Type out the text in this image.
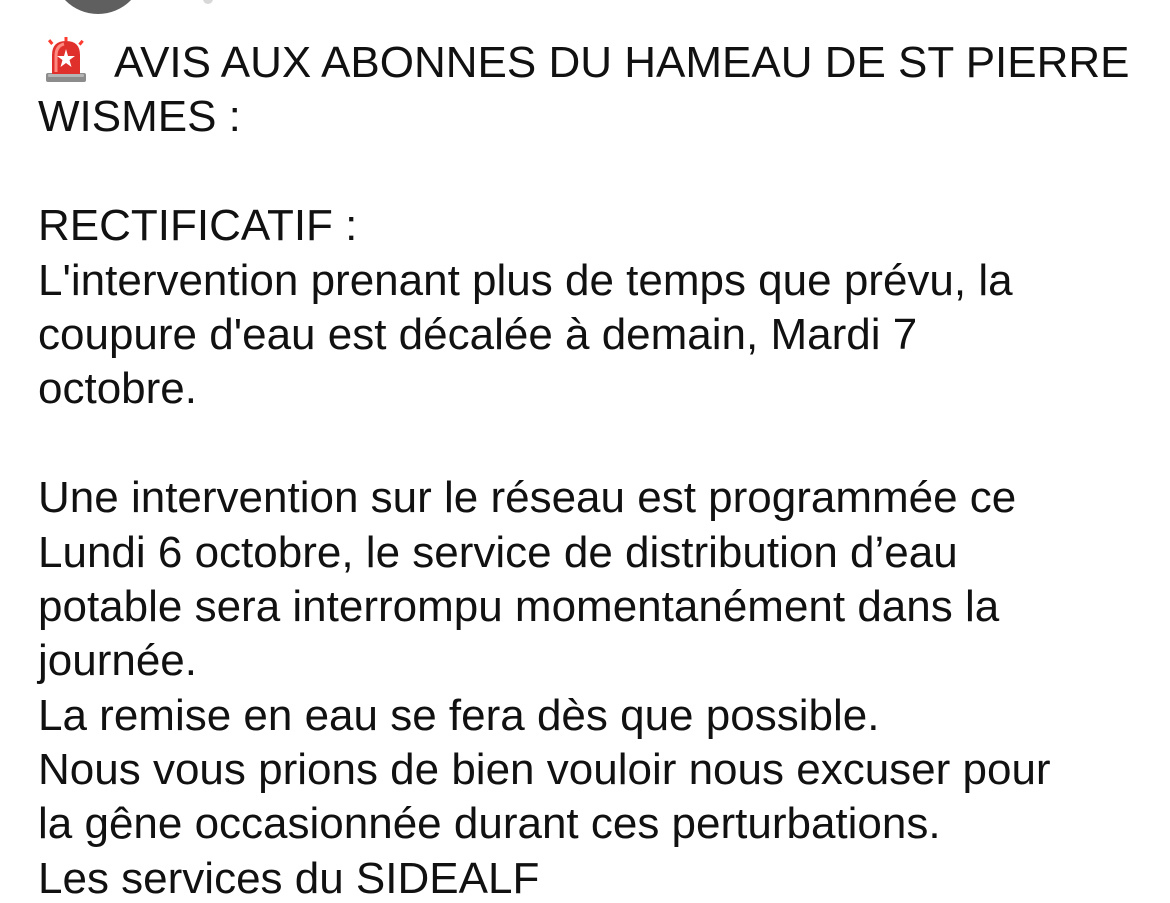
AVIS AUX ABONNES DU HAMEAU DE ST PIERRE
WISMES :
RECTIFICATIF :
L'intervention prenant plus de temps que prévu, la
coupure d'eau est décalée à demain, Mardi 7
octobre.
Une intervention sur le réseau est programmée ce
Lundi 6 octobre, le service de distribution d’eau
potable sera interrompu momentanément dans la
journée.
La remise en eau se fera dès que possible.
Nous vous prions de bien vouloir nous excuser pour
la gêne occasionnée durant ces perturbations.
Les services du SIDEALF
